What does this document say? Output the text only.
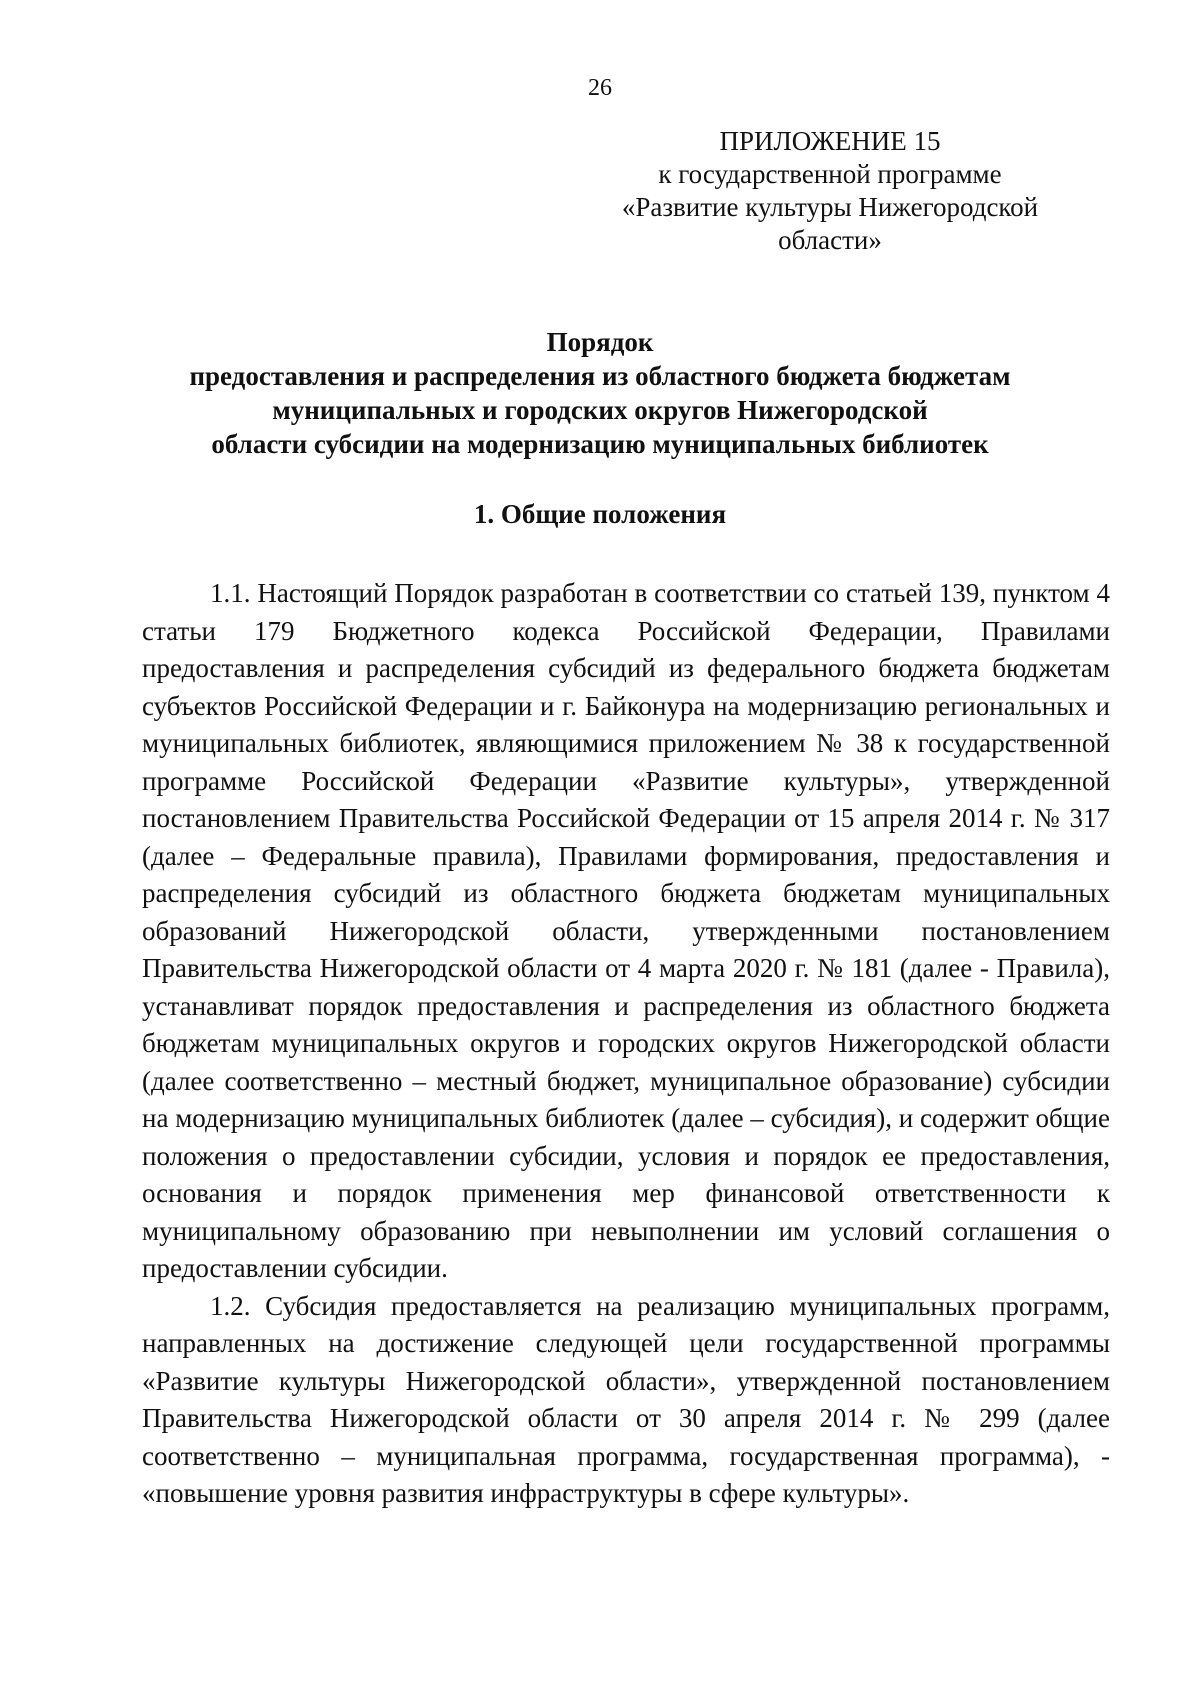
26
ПРИЛОЖЕНИЕ 15
к государственной программе
«Развитие культуры Нижегородской
области»
Порядок
предоставления и распределения из областного бюджета бюджетам
муниципальных и городских округов Нижегородской
области субсидии на модернизацию муниципальных библиотек
1. Общие положения

1.1. Настоящий Порядок разработан в соответствии со статьей 139, пунктом 4 статьи 179 Бюджетного кодекса Российской Федерации, Правилами предоставления и распределения субсидий из федерального бюджета бюджетам субъектов Российской Федерации и г. Байконура на модернизацию региональных и муниципальных библиотек, являющимися приложением № 38 к государственной программе Российской Федерации «Развитие культуры», утвержденной постановлением Правительства Российской Федерации от 15 апреля 2014 г. № 317 (далее – Федеральные правила), Правилами формирования, предоставления и распределения субсидий из областного бюджета бюджетам муниципальных образований Нижегородской области, утвержденными постановлением Правительства Нижегородской области от 4 марта 2020 г. № 181 (далее - Правила), устанавливат порядок предоставления и распределения из областного бюджета бюджетам муниципальных округов и городских округов Нижегородской области (далее соответственно – местный бюджет, муниципальное образование) субсидии на модернизацию муниципальных библиотек (далее – субсидия), и содержит общие положения о предоставлении субсидии, условия и порядок ее предоставления, основания и порядок применения мер финансовой ответственности к муниципальному образованию при невыполнении им условий соглашения о предоставлении субсидии.

1.2. Субсидия предоставляется на реализацию муниципальных программ, направленных на достижение следующей цели государственной программы «Развитие культуры Нижегородской области», утвержденной постановлением Правительства Нижегородской области от 30 апреля 2014 г. № 299 (далее соответственно – муниципальная программа, государственная программа), - «повышение уровня развития инфраструктуры в сфере культуры».
